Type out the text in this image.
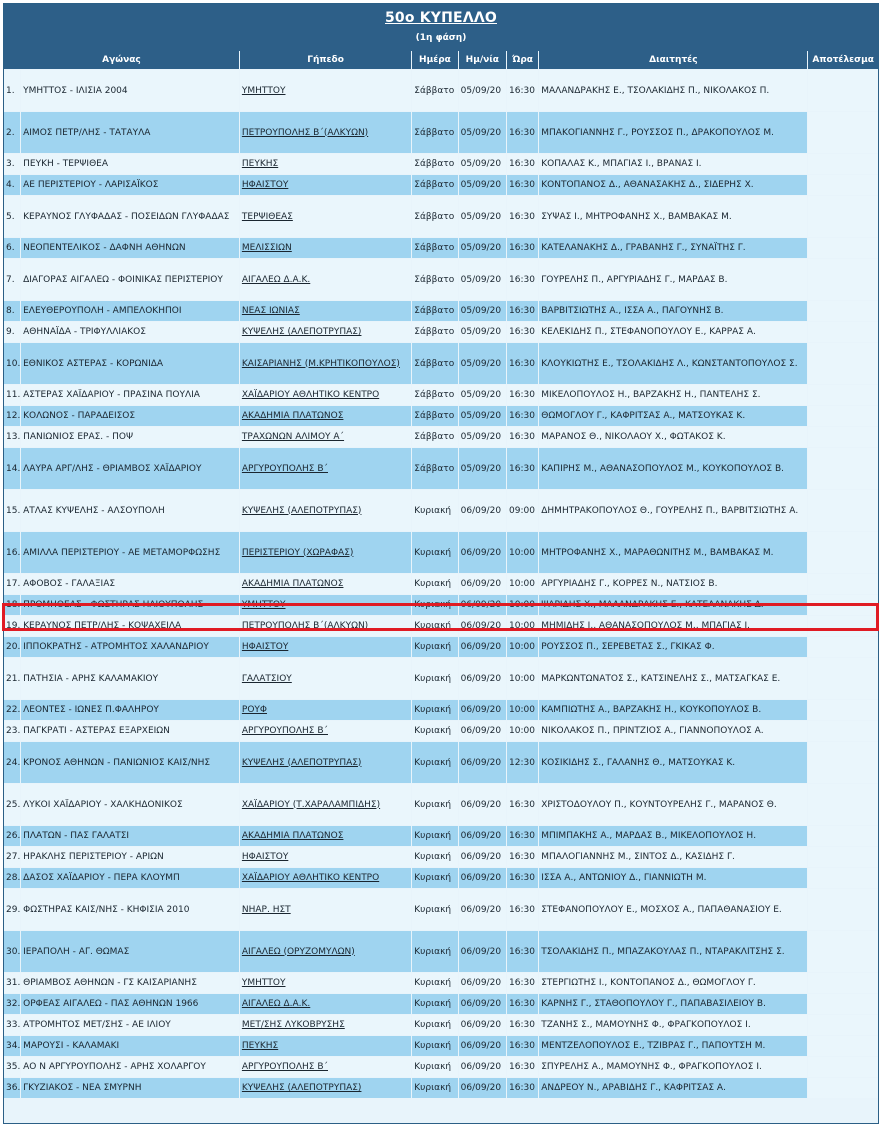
50ο ΚΥΠΕΛΛΟ
(1η φάση)
Αγώνας		Γήπεδο	Ημέρα	Ημ/νία	Ώρα	Διαιτητές	Αποτέλεσμα
1.	ΥΜΗΤΤΟΣ - ΙΛΙΣΙΑ 2004	ΥΜΗΤΤΟΥ	Σάββατο	05/09/20	16:30	ΜΑΛΑΝΔΡΑΚΗΣ Ε., ΤΣΟΛΑΚΙΔΗΣ Π., ΝΙΚΟΛΑΚΟΣ Π.	
2.	ΑΙΜΟΣ ΠΕΤΡ/ΛΗΣ - ΤΑΤΑΥΛΑ	ΠΕΤΡΟΥΠΟΛΗΣ Β΄(ΑΛΚΥΩΝ)	Σάββατο	05/09/20	16:30	ΜΠΑΚΟΓΙΑΝΝΗΣ Γ., ΡΟΥΣΣΟΣ Π., ΔΡΑΚΟΠΟΥΛΟΣ Μ.	
3.	ΠΕΥΚΗ - ΤΕΡΨΙΘΕΑ	ΠΕΥΚΗΣ	Σάββατο	05/09/20	16:30	ΚΟΠΑΛΑΣ Κ., ΜΠΑΓΙΑΣ Ι., ΒΡΑΝΑΣ Ι.	
4.	ΑΕ ΠΕΡΙΣΤΕΡΙΟΥ - ΛΑΡΙΣΑΪΚΟΣ	ΗΦΑΙΣΤΟΥ	Σάββατο	05/09/20	16:30	ΚΟΝΤΟΠΑΝΟΣ Δ., ΑΘΑΝΑΣΑΚΗΣ Δ., ΣΙΔΕΡΗΣ Χ.	
5.	ΚΕΡΑΥΝΟΣ ΓΛΥΦΑΔΑΣ - ΠΟΣΕΙΔΩΝ ΓΛΥΦΑΔΑΣ	ΤΕΡΨΙΘΕΑΣ	Σάββατο	05/09/20	16:30	ΣΥΨΑΣ Ι., ΜΗΤΡΟΦΑΝΗΣ Χ., ΒΑΜΒΑΚΑΣ Μ.	
6.	ΝΕΟΠΕΝΤΕΛΙΚΟΣ - ΔΑΦΝΗ ΑΘΗΝΩΝ	ΜΕΛΙΣΣΙΩΝ	Σάββατο	05/09/20	16:30	ΚΑΤΕΛΑΝΑΚΗΣ Δ., ΓΡΑΒΑΝΗΣ Γ., ΣΥΝΑΪΤΗΣ Γ.	
7.	ΔΙΑΓΟΡΑΣ ΑΙΓΑΛΕΩ - ΦΟΙΝΙΚΑΣ ΠΕΡΙΣΤΕΡΙΟΥ	ΑΙΓΑΛΕΩ Δ.Α.Κ.	Σάββατο	05/09/20	16:30	ΓΟΥΡΕΛΗΣ Π., ΑΡΓΥΡΙΑΔΗΣ Γ., ΜΑΡΔΑΣ Β.	
8.	ΕΛΕΥΘΕΡΟΥΠΟΛΗ - ΑΜΠΕΛΟΚΗΠΟΙ	ΝΕΑΣ ΙΩΝΙΑΣ	Σάββατο	05/09/20	16:30	ΒΑΡΒΙΤΣΙΩΤΗΣ Α., ΙΣΣΑ Α., ΠΑΓΟΥΝΗΣ Β.	
9.	ΑΘΗΝΑΪΔΑ - ΤΡΙΦΥΛΛΙΑΚΟΣ	ΚΥΨΕΛΗΣ (ΑΛΕΠΟΤΡΥΠΑΣ)	Σάββατο	05/09/20	16:30	ΚΕΛΕΚΙΔΗΣ Π., ΣΤΕΦΑΝΟΠΟΥΛΟΥ Ε., ΚΑΡΡΑΣ Α.	
10.	ΕΘΝΙΚΟΣ ΑΣΤΕΡΑΣ - ΚΟΡΩΝΙΔΑ	ΚΑΙΣΑΡΙΑΝΗΣ (Μ.ΚΡΗΤΙΚΟΠΟΥΛΟΣ)	Σάββατο	05/09/20	16:30	ΚΛΟΥΚΙΩΤΗΣ Ε., ΤΣΟΛΑΚΙΔΗΣ Λ., ΚΩΝΣΤΑΝΤΟΠΟΥΛΟΣ Σ.	
11.	ΑΣΤΕΡΑΣ ΧΑΪΔΑΡΙΟΥ - ΠΡΑΣΙΝΑ ΠΟΥΛΙΑ	ΧΑΪΔΑΡΙΟΥ ΑΘΛΗΤΙΚΟ ΚΕΝΤΡΟ	Σάββατο	05/09/20	16:30	ΜΙΚΕΛΟΠΟΥΛΟΣ Η., ΒΑΡΖΑΚΗΣ Η., ΠΑΝΤΕΛΗΣ Σ.	
12.	ΚΟΛΩΝΟΣ - ΠΑΡΑΔΕΙΣΟΣ	ΑΚΑΔΗΜΙΑ ΠΛΑΤΩΝΟΣ	Σάββατο	05/09/20	16:30	ΘΩΜΟΓΛΟΥ Γ., ΚΑΦΡΙΤΣΑΣ Α., ΜΑΤΣΟΥΚΑΣ Κ.	
13.	ΠΑΝΙΩΝΙΟΣ ΕΡΑΣ. - ΠΟΨ	ΤΡΑΧΩΝΩΝ ΑΛΙΜΟΥ Α΄	Σάββατο	05/09/20	16:30	ΜΑΡΑΝΟΣ Θ., ΝΙΚΟΛΑΟΥ Χ., ΦΩΤΑΚΟΣ Κ.	
14.	ΛΑΥΡΑ ΑΡΓ/ΛΗΣ - ΘΡΙΑΜΒΟΣ ΧΑΪΔΑΡΙΟΥ	ΑΡΓΥΡΟΥΠΟΛΗΣ Β΄	Σάββατο	05/09/20	16:30	ΚΑΠΙΡΗΣ Μ., ΑΘΑΝΑΣΟΠΟΥΛΟΣ Μ., ΚΟΥΚΟΠΟΥΛΟΣ Β.	
15.	ΑΤΛΑΣ ΚΥΨΕΛΗΣ - ΑΛΣΟΥΠΟΛΗ	ΚΥΨΕΛΗΣ (ΑΛΕΠΟΤΡΥΠΑΣ)	Κυριακή	06/09/20	09:00	ΔΗΜΗΤΡΑΚΟΠΟΥΛΟΣ Θ., ΓΟΥΡΕΛΗΣ Π., ΒΑΡΒΙΤΣΙΩΤΗΣ Α.	
16.	ΑΜΙΛΛΑ ΠΕΡΙΣΤΕΡΙΟΥ - ΑΕ ΜΕΤΑΜΟΡΦΩΣΗΣ	ΠΕΡΙΣΤΕΡΙΟΥ (ΧΩΡΑΦΑΣ)	Κυριακή	06/09/20	10:00	ΜΗΤΡΟΦΑΝΗΣ Χ., ΜΑΡΑΘΩΝΙΤΗΣ Μ., ΒΑΜΒΑΚΑΣ Μ.	
17.	ΑΦΟΒΟΣ - ΓΑΛΑΞΙΑΣ	ΑΚΑΔΗΜΙΑ ΠΛΑΤΩΝΟΣ	Κυριακή	06/09/20	10:00	ΑΡΓΥΡΙΑΔΗΣ Γ., ΚΟΡΡΕΣ Ν., ΝΑΤΣΙΟΣ Β.	
18.	ΠΡΟΜΗΘΕΑΣ - ΦΩΣΤΗΡΑΣ ΗΛΙΟΥΠΟΛΗΣ	ΥΜΗΤΤΟΥ	Κυριακή	06/09/20	10:00	ΨΑΡΙΔΗΣ Χ., ΜΑΛΑΝΔΡΑΚΗΣ Ε., ΚΑΤΕΛΑΝΑΚΗΣ Δ.	
19.	ΚΕΡΑΥΝΟΣ ΠΕΤΡ/ΛΗΣ - ΚΟΨΑΧΕΙΛΑ	ΠΕΤΡΟΥΠΟΛΗΣ Β΄(ΑΛΚΥΩΝ)	Κυριακή	06/09/20	10:00	ΜΗΜΙΔΗΣ Ι., ΑΘΑΝΑΣΟΠΟΥΛΟΣ Μ., ΜΠΑΓΙΑΣ Ι.	
20.	ΙΠΠΟΚΡΑΤΗΣ - ΑΤΡΟΜΗΤΟΣ ΧΑΛΑΝΔΡΙΟΥ	ΗΦΑΙΣΤΟΥ	Κυριακή	06/09/20	10:00	ΡΟΥΣΣΟΣ Π., ΣΕΡΕΒΕΤΑΣ Σ., ΓΚΙΚΑΣ Φ.	
21.	ΠΑΤΗΣΙΑ - ΑΡΗΣ ΚΑΛΑΜΑΚΙΟΥ	ΓΑΛΑΤΣΙΟΥ	Κυριακή	06/09/20	10:00	ΜΑΡΚΩΝΤΩΝΑΤΟΣ Σ., ΚΑΤΣΙΝΕΛΗΣ Σ., ΜΑΤΣΑΓΚΑΣ Ε.	
22.	ΛΕΟΝΤΕΣ - ΙΩΝΕΣ Π.ΦΑΛΗΡΟΥ	ΡΟΥΦ	Κυριακή	06/09/20	10:00	ΚΑΜΠΙΩΤΗΣ Α., ΒΑΡΖΑΚΗΣ Η., ΚΟΥΚΟΠΟΥΛΟΣ Β.	
23.	ΠΑΓΚΡΑΤΙ - ΑΣΤΕΡΑΣ ΕΞΑΡΧΕΙΩΝ	ΑΡΓΥΡΟΥΠΟΛΗΣ Β΄	Κυριακή	06/09/20	10:00	ΝΙΚΟΛΑΚΟΣ Π., ΠΡΙΝΤΖΙΟΣ Α., ΓΙΑΝΝΟΠΟΥΛΟΣ Α.	
24.	ΚΡΟΝΟΣ ΑΘΗΝΩΝ - ΠΑΝΙΩΝΙΟΣ ΚΑΙΣ/ΝΗΣ	ΚΥΨΕΛΗΣ (ΑΛΕΠΟΤΡΥΠΑΣ)	Κυριακή	06/09/20	12:30	ΚΟΣΙΚΙΔΗΣ Σ., ΓΑΛΑΝΗΣ Θ., ΜΑΤΣΟΥΚΑΣ Κ.	
25.	ΛΥΚΟΙ ΧΑΪΔΑΡΙΟΥ - ΧΑΛΚΗΔΟΝΙΚΟΣ	ΧΑΪΔΑΡΙΟΥ (Τ.ΧΑΡΑΛΑΜΠΙΔΗΣ)	Κυριακή	06/09/20	16:30	ΧΡΙΣΤΟΔΟΥΛΟΥ Π., ΚΟΥΝΤΟΥΡΕΛΗΣ Γ., ΜΑΡΑΝΟΣ Θ.	
26.	ΠΛΑΤΩΝ - ΠΑΣ ΓΑΛΑΤΣΙ	ΑΚΑΔΗΜΙΑ ΠΛΑΤΩΝΟΣ	Κυριακή	06/09/20	16:30	ΜΠΙΜΠΑΚΗΣ Α., ΜΑΡΔΑΣ Β., ΜΙΚΕΛΟΠΟΥΛΟΣ Η.	
27.	ΗΡΑΚΛΗΣ ΠΕΡΙΣΤΕΡΙΟΥ - ΑΡΙΩΝ	ΗΦΑΙΣΤΟΥ	Κυριακή	06/09/20	16:30	ΜΠΑΛΟΓΙΑΝΝΗΣ Μ., ΣΙΝΤΟΣ Δ., ΚΑΣΙΔΗΣ Γ.	
28.	ΔΑΣΟΣ ΧΑΪΔΑΡΙΟΥ - ΠΕΡΑ ΚΛΟΥΜΠ	ΧΑΪΔΑΡΙΟΥ ΑΘΛΗΤΙΚΟ ΚΕΝΤΡΟ	Κυριακή	06/09/20	16:30	ΙΣΣΑ Α., ΑΝΤΩΝΙΟΥ Δ., ΓΙΑΝΝΙΩΤΗ Μ.	
29.	ΦΩΣΤΗΡΑΣ ΚΑΙΣ/ΝΗΣ - ΚΗΦΙΣΙΑ 2010	ΝΗΑΡ. ΗΣΤ	Κυριακή	06/09/20	16:30	ΣΤΕΦΑΝΟΠΟΥΛΟΥ Ε., ΜΟΣΧΟΣ Α., ΠΑΠΑΘΑΝΑΣΙΟΥ Ε.	
30.	ΙΕΡΑΠΟΛΗ - ΑΓ. ΘΩΜΑΣ	ΑΙΓΑΛΕΩ (ΟΡΥΖΟΜΥΛΩΝ)	Κυριακή	06/09/20	16:30	ΤΣΟΛΑΚΙΔΗΣ Π., ΜΠΑΖΑΚΟΥΛΑΣ Π., ΝΤΑΡΑΚΛΙΤΣΗΣ Σ.	
31.	ΘΡΙΑΜΒΟΣ ΑΘΗΝΩΝ - ΓΣ ΚΑΙΣΑΡΙΑΝΗΣ	ΥΜΗΤΤΟΥ	Κυριακή	06/09/20	16:30	ΣΤΕΡΓΙΩΤΗΣ Ι., ΚΟΝΤΟΠΑΝΟΣ Δ., ΘΩΜΟΓΛΟΥ Γ.	
32.	ΟΡΦΕΑΣ ΑΙΓΑΛΕΩ - ΠΑΣ ΑΘΗΝΩΝ 1966	ΑΙΓΑΛΕΩ Δ.Α.Κ.	Κυριακή	06/09/20	16:30	ΚΑΡΝΗΣ Γ., ΣΤΑΘΟΠΟΥΛΟΥ Γ., ΠΑΠΑΒΑΣΙΛΕΙΟΥ Β.	
33.	ΑΤΡΟΜΗΤΟΣ ΜΕΤ/ΣΗΣ - ΑΕ ΙΛΙΟΥ	ΜΕΤ/ΣΗΣ ΛΥΚΟΒΡΥΣΗΣ	Κυριακή	06/09/20	16:30	ΤΖΑΝΗΣ Σ., ΜΑΜΟΥΝΗΣ Φ., ΦΡΑΓΚΟΠΟΥΛΟΣ Ι.	
34.	ΜΑΡΟΥΣΙ - ΚΑΛΑΜΑΚΙ	ΠΕΥΚΗΣ	Κυριακή	06/09/20	16:30	ΜΕΝΤΖΕΛΟΠΟΥΛΟΣ Ε., ΤΖΙΒΡΑΣ Γ., ΠΑΠΟΥΤΣΗ Μ.	
35.	ΑΟ Ν ΑΡΓΥΡΟΥΠΟΛΗΣ - ΑΡΗΣ ΧΟΛΑΡΓΟΥ	ΑΡΓΥΡΟΥΠΟΛΗΣ Β΄	Κυριακή	06/09/20	16:30	ΣΠΥΡΕΛΗΣ Α., ΜΑΜΟΥΝΗΣ Φ., ΦΡΑΓΚΟΠΟΥΛΟΣ Ι.	
36.	ΓΚΥΖΙΑΚΟΣ - ΝΕΑ ΣΜΥΡΝΗ	ΚΥΨΕΛΗΣ (ΑΛΕΠΟΤΡΥΠΑΣ)	Κυριακή	06/09/20	16:30	ΑΝΔΡΕΟΥ Ν., ΑΡΑΒΙΔΗΣ Γ., ΚΑΦΡΙΤΣΑΣ Α.	
